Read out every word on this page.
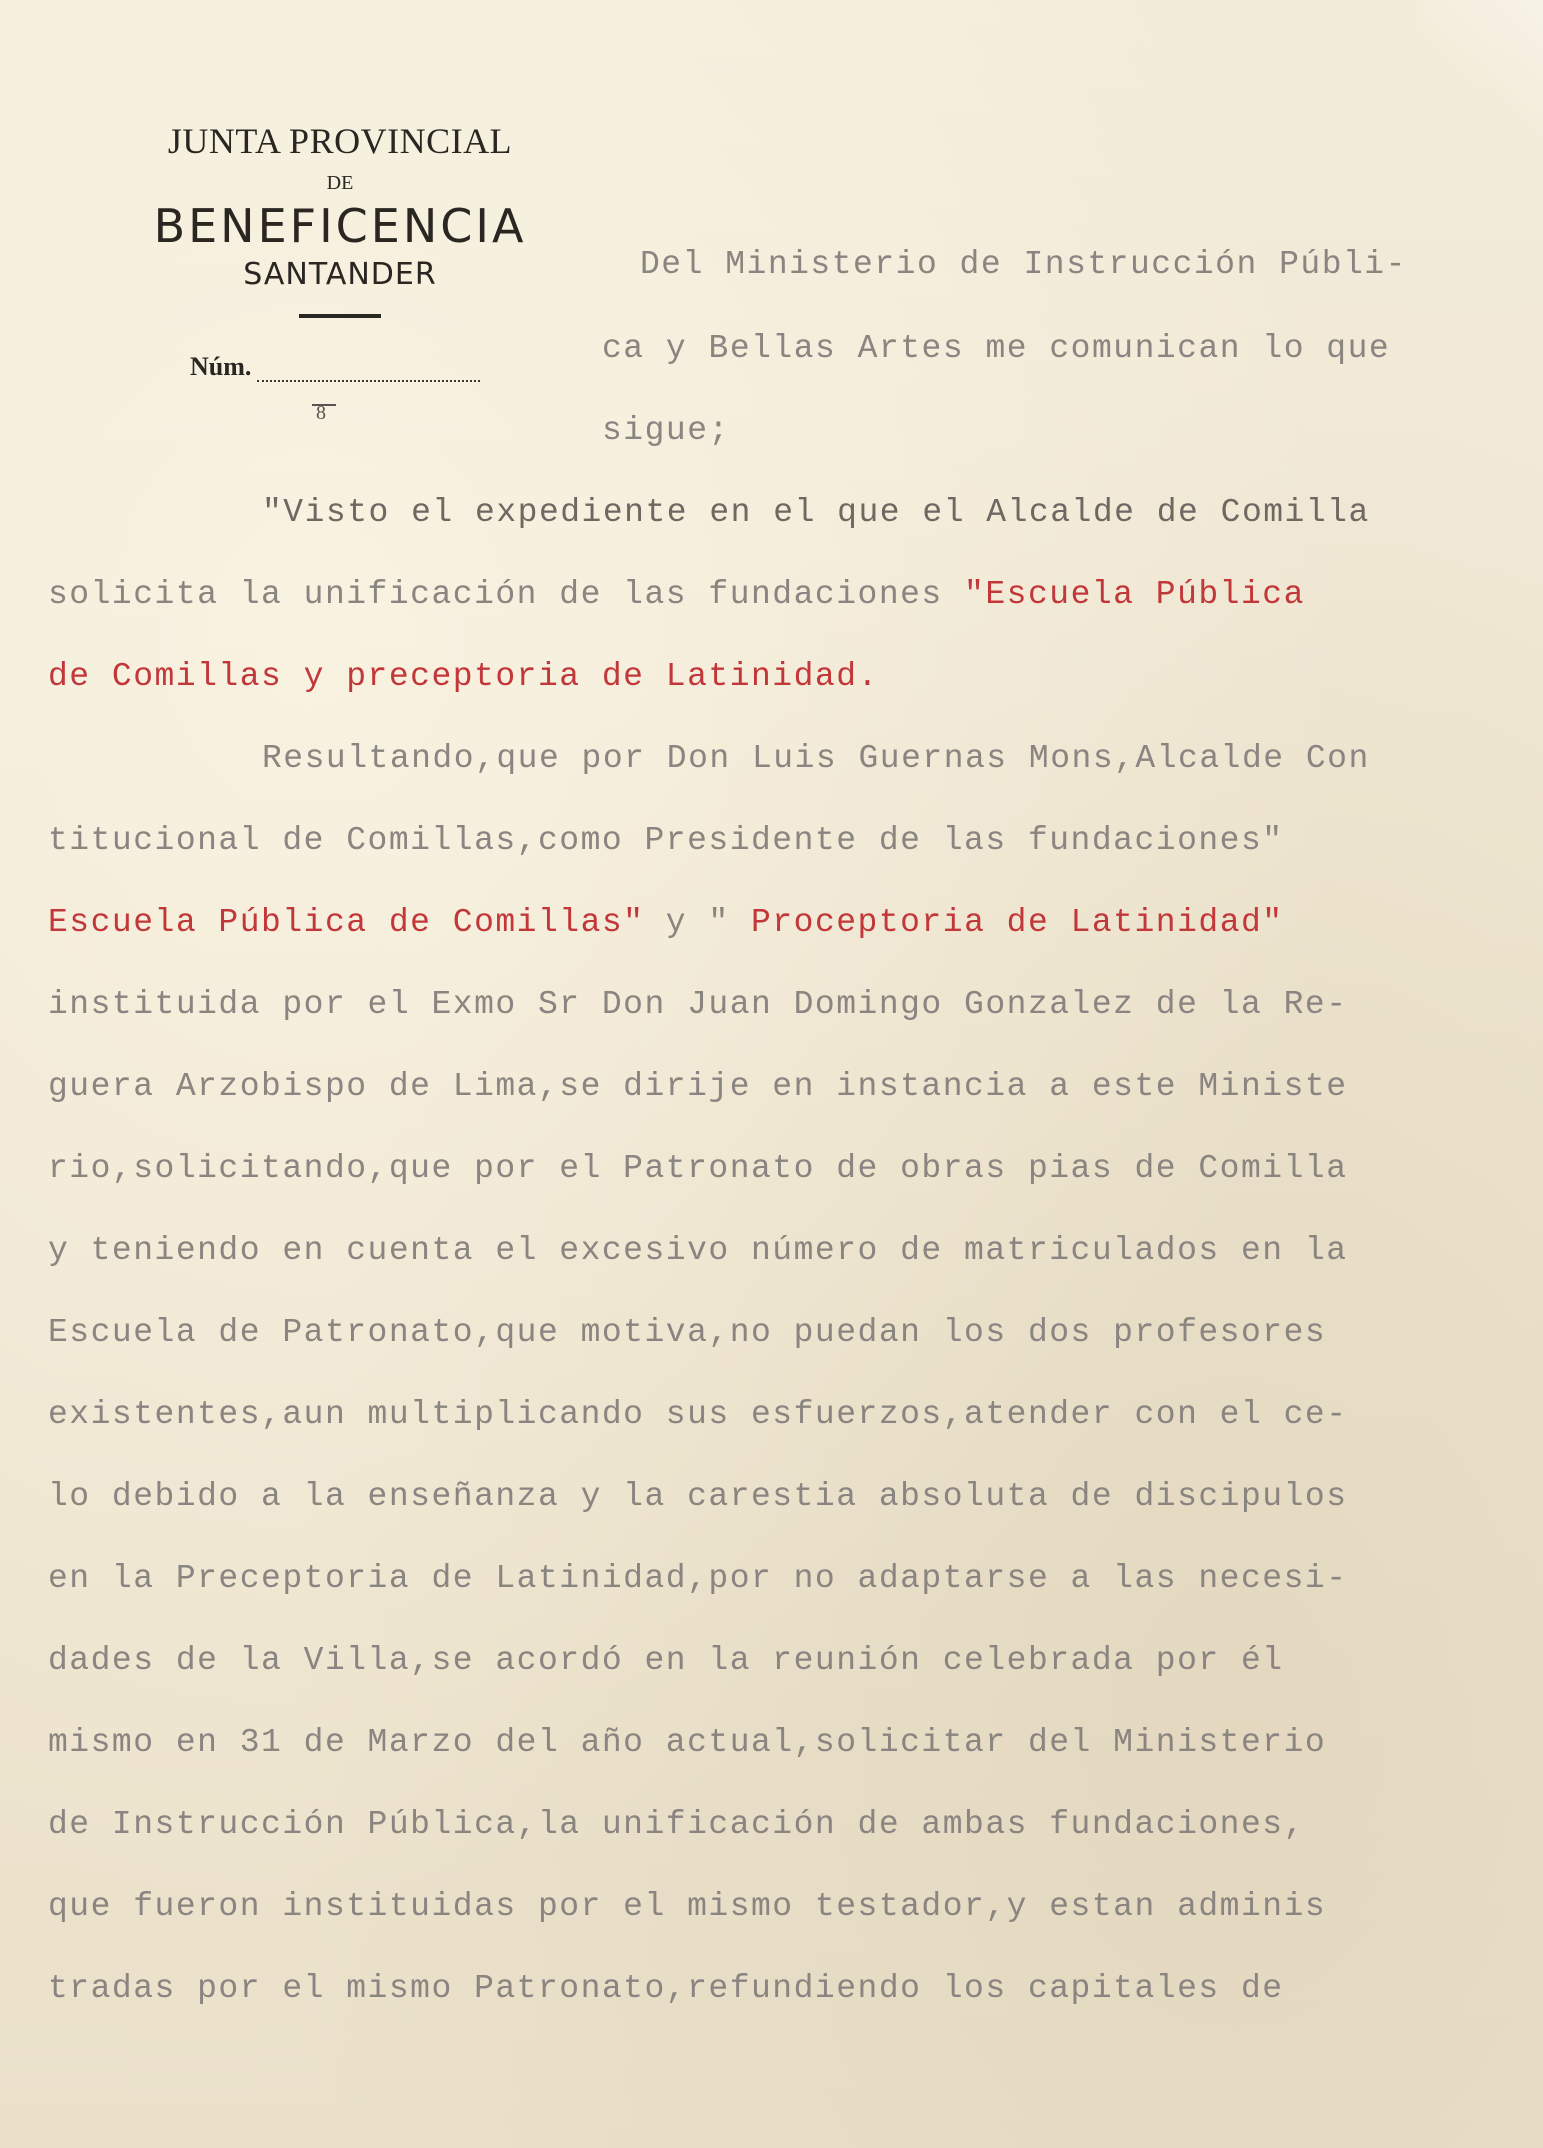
JUNTA PROVINCIAL

DE

BENEFICENCIA

SANTANDER

Núm.
8

Del Ministerio de Instrucción Públi-

ca y Bellas Artes me comunican lo que

sigue;

"Visto el expediente en el que el Alcalde de Comilla

solicita la unificación de las fundaciones "Escuela Pública

de Comillas y preceptoria de Latinidad.

Resultando,que por Don Luis Guernas Mons,Alcalde Con

titucional de Comillas,como Presidente de las fundaciones"

Escuela Pública de Comillas" y " Proceptoria de Latinidad"

instituida por el Exmo Sr Don Juan Domingo Gonzalez de la Re-

guera Arzobispo de Lima,se dirije en instancia a este Ministe

rio,solicitando,que por el Patronato de obras pias de Comilla

y teniendo en cuenta el excesivo número de matriculados en la

Escuela de Patronato,que motiva,no puedan los dos profesores

existentes,aun multiplicando sus esfuerzos,atender con el ce-

lo debido a la enseñanza y la carestia absoluta de discipulos

en la Preceptoria de Latinidad,por no adaptarse a las necesi-

dades de la Villa,se acordó en la reunión celebrada por él

mismo en 31 de Marzo del año actual,solicitar del Ministerio

de Instrucción Pública,la unificación de ambas fundaciones,

que fueron instituidas por el mismo testador,y estan adminis

tradas por el mismo Patronato,refundiendo los capitales de
